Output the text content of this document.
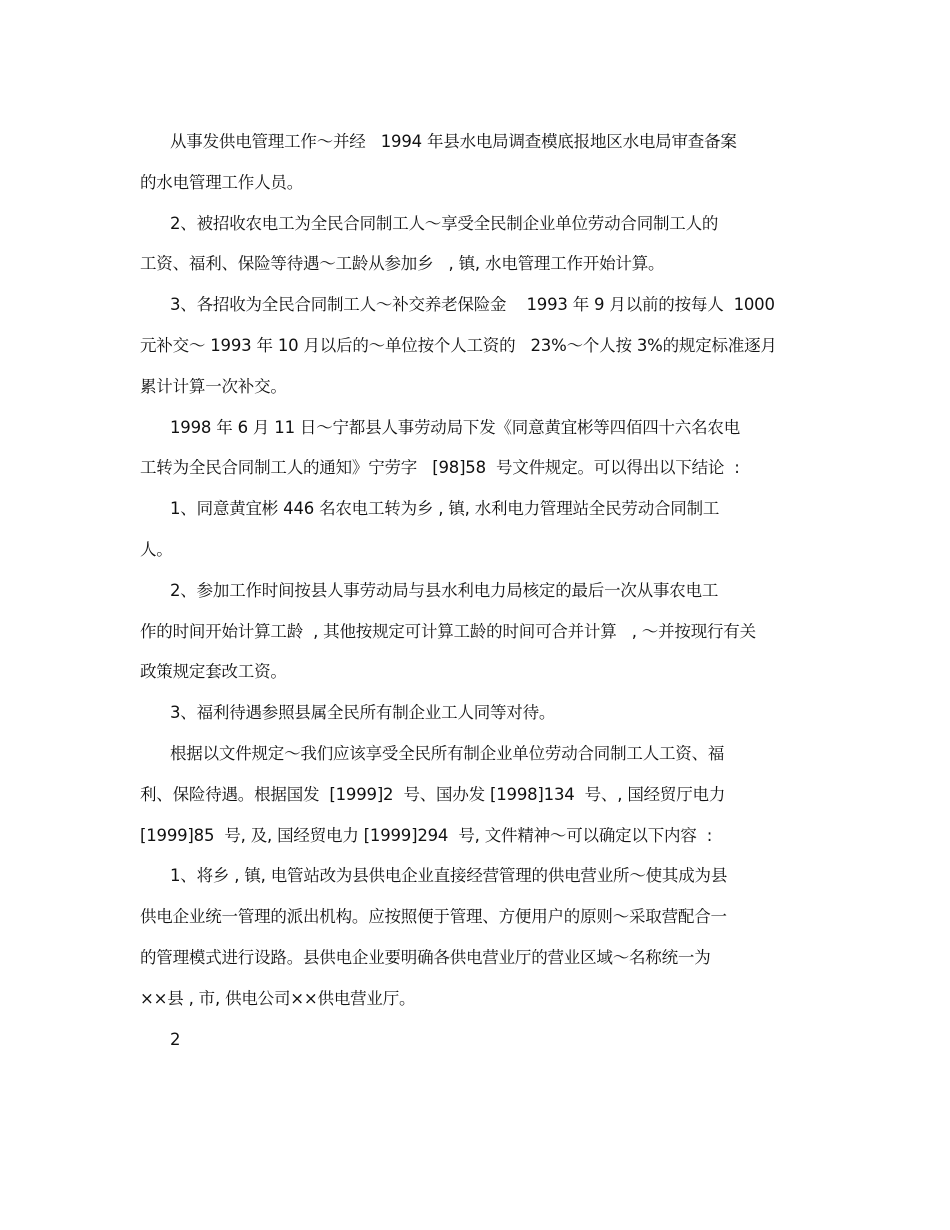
从事发供电管理工作～并经   1994 年县水电局调查模底报地区水电局审查备案
的水电管理工作人员。
2、被招收农电工为全民合同制工人～享受全民制企业单位劳动合同制工人的
工资、福利、保险等待遇～工龄从参加乡   , 镇, 水电管理工作开始计算。
3、各招收为全民合同制工人～补交养老保险金    1993 年 9 月以前的按每人  1000
元补交～ 1993 年 10 月以后的～单位按个人工资的   23%～个人按 3%的规定标准逐月
累计计算一次补交。
1998 年 6 月 11 日～宁都县人事劳动局下发《同意黄宜彬等四佰四十六名农电
工转为全民合同制工人的通知》宁劳字   [98]58  号文件规定。可以得出以下结论  :
1、同意黄宜彬 446 名农电工转为乡 , 镇, 水利电力管理站全民劳动合同制工
人。
2、参加工作时间按县人事劳动局与县水利电力局核定的最后一次从事农电工
作的时间开始计算工龄  , 其他按规定可计算工龄的时间可合并计算   , ～并按现行有关
政策规定套改工资。
3、福利待遇参照县属全民所有制企业工人同等对待。
根据以文件规定～我们应该享受全民所有制企业单位劳动合同制工人工资、福
利、保险待遇。根据国发  [1999]2  号、国办发 [1998]134  号、, 国经贸厅电力
[1999]85  号, 及, 国经贸电力 [1999]294  号, 文件精神～可以确定以下内容  :
1、将乡 , 镇, 电管站改为县供电企业直接经营管理的供电营业所～使其成为县
供电企业统一管理的派出机构。应按照便于管理、方便用户的原则～采取营配合一
的管理模式进行设路。县供电企业要明确各供电营业厅的营业区域～名称统一为
××县 , 市, 供电公司××供电营业厅。
2
